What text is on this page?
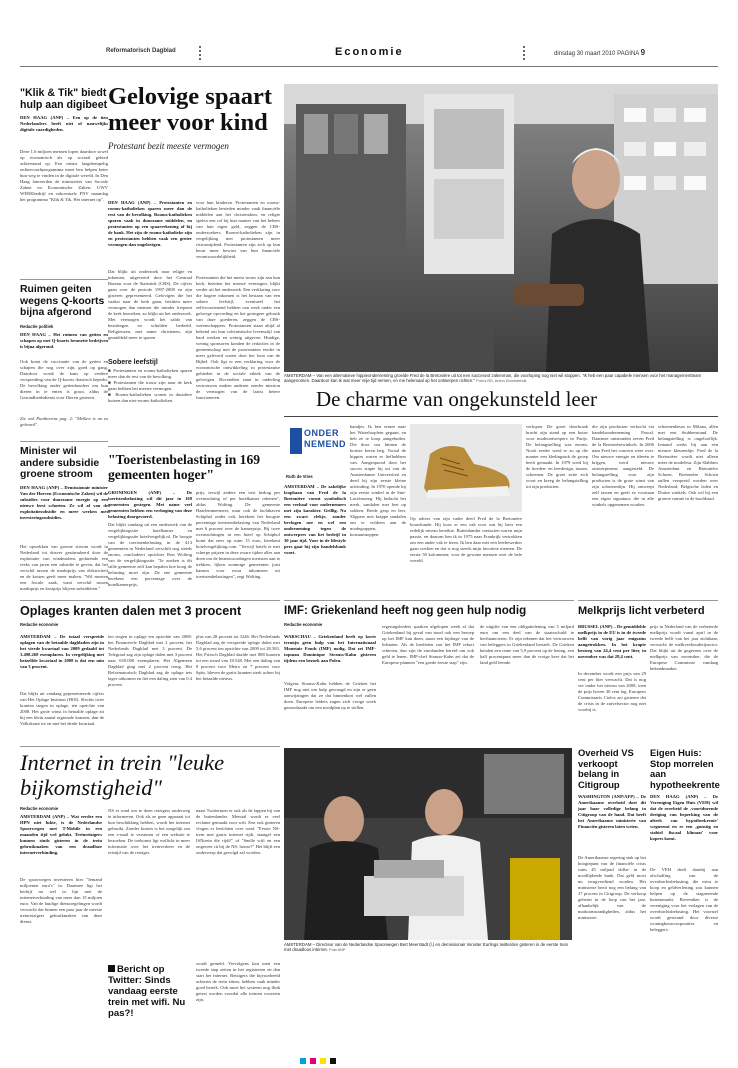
Reformatorisch Dagblad	Economie	dinsdag 30 maart 2010 PAGINA 9
"Klik & Tik" biedt hulp aan digibeet
DEN HAAG (ANP) – Een op de tien Nederlanders heeft niet of nauwelijks digitale vaardigheden.
Deze 1,6 miljoen mensen lopen daardoor sowel op economisch als op sociaal gebied achterstand op. Een nieuw laagdrempelig onlinecoachprogramma moet hen helpen beter hun weg te vinden in de digitale wereld. In Den Haag lanceerden de ministeries van Sociale Zaken en Economische Zaken, UWV WERKbedrijf en vakcentrale FNV maandag het programma "Klik & Tik. Het internet op".
Ruimen geiten wegens Q-koorts bijna afgerond
Redactie politiek
DEN HAAG – Het ruimen van geiten en schapen op met Q-koorts besmette bedrijven is bijna afgerond.
Ook komt de vaccinatie van de geiten en schapen die nog over zijn, goed op gang. Daardoor wordt de kans op verdere verspreiding van de Q-koorts drastisch beperkt. De bevolking onder geitenhouders om hun dieren in te enten is groot, aldus de Gezondheidsdienst voor Dieren gisteren.
Zie ook Punthoorns pag. 2: "Melken is na zo gebeurd".
Minister wil andere subsidie groene stroom
DEN HAAG (ANP) – Demissionair minister Van der Hoeven (Economische Zaken) wil de subsidies voor duurzame energie op een nieuwe leest schoeien. Ze wil af van de exploitatiesubsidie en meer werken met investeringssubsidies.
Het opwekken van groene stroom wordt in Nederland tot dusver gestimuleerd door de exploitatie van windmolens gedurende een reeks van jaren een subsidie te geven, dat het verschil tussen de marktprijs van elektriciteit en de kosten geeft meer maken. "Wil moeten een fiscale zaak, want verschil tussen marktprijs en kostprijs blijven subsidiëren."
Gelovige spaart meer voor kind
Protestant bezit meeste vermogen
DEN HAAG (ANP) – Protestanten en rooms-katholieken sparen meer dan de rest van de bevolking. Rooms-katholieken sparen vaak in duurzame middelen, en protestanten op een spaarrekening of bij de bank. Het zijn de rooms-katholieke zijn en protestanten hebben vaak een groter vermogen dan ongelovigen.
Dat blijkt uit onderzoek naar religie en inkomen, uitgevoerd door het Centraal Bureau voor de Statistiek (CBS). De cijfers gaan over de periode 1997-2008 en zijn gisteren gepresenteerd. Gelovigen die het vaakst naar de kerk gaan, bezitten meer vermogen dan mensen die minder frequent de kerk bezoeken, zo blijkt uit het onderzoek. Met vermogen wordt het saldo van bezittingen en schulden bedoeld. Religieuzen, met name christenen, zijn gemiddeld meer te sparen
Sobere leefstijl
■ Protestanten en rooms-katholieken sparen meer dan de rest van de bevolking.
■ Protestanten die trouw zijn naar de kerk gaan hebben het meeste vermogen.
■ Rooms-katholieken wonen in duurdere huizen dan niet-rooms-katholieken.
voor hun kinderen. Protestanten en rooms-katholieken besteden minder vaak financiële middelen aan het christendom, en religie spelen een rol bij hun manier van het beheer van hun eigen geld, zeggen de CBS-onderzoekers. Rooms-katholieken zijn in vergelijking met protestanten meer risicomijdend. Protestanten zijn zich op hun beurt meer bewust van hun financiële verantwoordelijkheid.
Protestanten die het meest trouw zijn aan hun kerk, bezitten het meeste vermogen, blijkt verder uit het onderzoek. Een verklaring voor die hogere inkomen is het bestaan van een sobere leefstijl, eventueel het zelfvoorzienend hebben van werk onder een gelovige opvoeding en het geringere gebruik van dure goederen, zeggen de CBS-wetenschappers. Protestanten staan altijd al bekend om hun calvinistische levensstijl van hard werken en weinig uitgeven. Huidige, weinig sponsoren konden de redacties in de gemeenschap met de protestanten eerder in meer geleverd waren door het loon van de Bijbel. Ook ligt er een verklaring voor de economische ontwikkeling in protestantse gebieden in de sociale ethiek van de gelovigen. Bovendien staat in onderling vertrouwen maken anderen zonder mission de vermogen van de laatst betere functioneren.
"Toeristenbelasting in 169 gemeenten hoger"
GRONINGEN (ANP) – De toeristenbelasting wil dit jaar in 169 gemeenten gestegen. Met name veel gemeenten hebben een verhoging van deze belasting doorgevoerd.
Dat blijkt vandaag uit een onderzoek van de vergelijkingssite hotelkamer en vergelijkingssite hotelvergelijk.nl. De hoogte van de toeristenbelasting in de 413 gemeenten in Nederland verschilt nog steeds enorm, concludeert oprichter Ron Wolting van de vergelijkingssite. "Je zoeken is dit stille gemeente zelf kan bepalen hoe hoog de belasting moet zijn. De ene gemeente berekent een percentage over de hotelkamerprijs,
prijs, terwijl andere een vast bedrag per overnachting of per hotelkamer rekenen", aldus Wolting. De gemeente Haarlemmermeer, waar ook de luchthaven Schiphol onder valt, berekent het hoogste percentage toeristenbelasting van Nederland met 6 procent over de kamerprijs. Bij twee overnachtingen in een hotel op Schiphol komt dat neer op ruim 15 euro, berekent hotelvergelijking.com. "Terwijl hotels er met scherpe prijzen in deze zware tijden alles aan doen om de beantwoordingen toeristen aan te trekken, lijken sommige gemeenten juist kansen voor extra inkomsten uit toeristenbelastingen", zegt Wolting.
AMSTERDAM – Van een alternatieve hippieonderneming groeide Fred de la Bretonière uit tot een succesvol zakenman, die voorloping nog niet wil stoppen. "Ik heb een paar capabele mensen voor het managementteam aangenomen. Daardoor kan ik wat meer vrije tijd nemen, en me helemaal op het ontwerpen richten." Foto's RD, Anton Dommerholt
De charme van ongekunsteld leer
ONDER
NEMEND
Ruth de Vries
AMSTERDAM – De zakelijke loopbaan van Fred de la Bretonière vormt symbolisch een verhaal voor ondernemers met zijn karakter. Grillig. Nu een zwart vlekje, zonder bevlogen nee en wel een onderneming tegen de ontwerpers van het bedrijf in 30 jaar tijd. Voor in de lifestyle pers gaat hij zijn handelsbank voort.
bandjes. Ik ben ermee naar het Waterlooplein gegaan, en heb ze te koop aangeboden. Die door sou binnen de kortste keren beg. Vooral de hippies waren er liefhebbers van. Aangespoord door het succes stapte hij uit van de Amsterdamse Universiteit en deed hij zijn eerste kleine uitvinding. In 1970 opende hij zijn eerste winkel in de Sint-Luciënsteeg. Hij bedacht het merk, sandalen met leer op sokken. Brede gesp en leer. Slippers met krappe sandalen om te voldoen aan de modegrappen, kostuumtoppen.
Op advies van zijn vader deed Fred de la Bretonière bouwkunde. Hij koos er een vak voor wat hij later een redelijk niveau bereikte. Buitenlandse contacten waren mijn passie, en daarom ben ik in 1975 naar Frankrijk vertrokken om een ander vak te leren. Ik ben daar met een leerbewerker gaan werken en dat is nog steeds mijn favoriete mensen. De eerste 50 kolommen; voor de gewone mensen over de hele wereld.
verlopen. De groei doorbraak bracht zijn stand op een bouw voor modeontwerpers in Parijs. De belangstelling was enorm. Nooit eerder werd er zo op die manier een kledingstuk de groep heeft gemaakt. In 1979 werd hij de hoeden- en leerdesign, tassen, schoenen. De groei zette zich voort en kreeg de belangstelling tot zijn producten.
die zijn producten verkocht via handelsonderneming Pascal. Daarmee ontstonden zeven Fred de la Bretonièrewinkels. In 2006 nam Fred het concern weer over. Om nieuwe energie en ideeën te krijgen, werd nieuwe ontwerpteams aangesteld. De belangstelling voor zijn producten is de grote winst van zijn schoenenlijn. Hij ontwerpt zelf tassen en geeft ze voortaan een eigen signatuur, die in alle winkels opgenomen worden.
schoenenbeurs in Milaan, allen met een Stubbenstand. De belangstelling is ongelooflijk. Iemand werkt bij aan een nieuwe kleurenlijn. Fred de la Bretonière wordt niet alleen meer de modeleur. Zijn Slabbies Amsterdam en Bretonière Schoen, Bretonière Schoen zullen verspreid worden over Nederland, Belgische laden en Duitse winkels. Ook wil hij een grotere ruimte in de hoofdstad.
Oplages kranten dalen met 3 procent
Redactie economie
AMSTERDAM – De totaal verspreide oplagen van de betaalde dagbladen zijn in het vierde kwartaal van 2009 gedaald tot 3.498.268 exemplaren. In vergelijking met hetzelfde kwartaal in 2008 is dat een min van 3 procent.
Dat blijkt uit vandaag gepresenteerde cijfers van Het Oplage Instituut (HOI). Slechts twee kranten stegen in oplage, ten opzichte van 2008. Het grote winst in betaalde oplage zit bij een klein aantal regionale kranten, dan de Volkskrant tot en met het derde kwartaal.
ten stegen in oplage ten opzichte van 2008: het Financieele Dagblad met 2 procent, het Nederlands Dagblad met 3 procent. De Telegraaf zag zijn oplage dalen met 3 procent naar 650.000 exemplaren. Het Algemeen Dagblad ging met 2 procent terug. Het Reformatorisch Dagblad zag de oplage iets lager uitkomen en liet een daling zien van 0,4 procent.
plus van 28 procent tot 3246. Het Nederlands Dagblad zag de verspreide oplage dalen met 5,6 procent ten opzichte van 2008 tot 28.583. Het Friesch Dagblad daalde met 888 kranten tot een totaal van 18.548. Met een daling van 8 procent voor Metro en 7 procent voor Spits, bleven de gratis kranten sterk achter bij het betaalde nieuws.
IMF: Griekenland heeft nog geen hulp nodig
Redactie economie
WARSCHAU – Griekenland heeft op korte termijn geen hulp van het Internationaal Monetair Fonds (IMF) nodig. Dat zei IMF-topman Dominique Strauss-Kahn gisteren tijdens een bezoek aan Polen.
Volgens Strauss-Kahn hebben de Grieken het IMF nog niet om hulp gevraagd en zijn er geen aanwijzingen dat ze dat binnenkort wel zullen doen. Europese leiders zagen zich vorige week genoodzaakt om een noodplan op te stellen.
regeringsleiders spraken afgelopen week af dat Griekenland bij geval van nood ook een beroep op het IMF kan doen, naast een bijdrage van de lidstaten. Als de kredieten van het IMF tekort schieten, dan zijn de eurolanden bereid om ook geld te lenen. IMF-chef Strauss-Kahn zei dat de Europese plannen "een goede eerste stap" zijn.
de uitgifte van een obligatielening van 5 miljard euro om een deel van de staatsschuld te herfinancieren. Er zijn tekenen dat het vertrouwen van beleggers in Griekenland herstelt. De Grieken betalen een rente van 5,9 procent op de lening, een half procentpunt meer dan de vorige keer dat het land geld leende.
Melkprijs licht verbeterd
BRUSSEL (ANP) – De gemiddelde melkprijs in de EU is in de tweede helft van vorig jaar enigszins aangetrokken. In het krapte besteeg van 24,4 cent per liter, in november was dat 28,4 cent.
In december wordt een prijs van 29 cent per liter verwacht. Dat is nog ver onder het niveau van 2008, toen de prijs boven 30 cent lag. Europees Commissaris Ciolos zei gisteren dat de crisis in de zuivelsector nog niet voorbij is.
prijs in Nederland van de verbeterde melkprijs wordt vanaf april in de tweede helft van het jaar zichtbaar, verwacht de melkveehouderijsector. Dat blijkt uit de gegevens over de melkprijs van november, die de Europese Commissie vandaag bekendmaakte.
Internet in trein "leuke bijkomstigheid"
Redactie economie
AMSTERDAM (ANP) – Wat eerder een HPN niet lukte, is de Nederlandse Spoorwegen met T-Mobile in een maanden tijd wel gelukt. Treinreizigers kunnen sinds gisteren in de trein gebruikmaken van een draadloze internetverbinding.
De spoorwegen investeren hier "Iemand miljoenen euro's" in. Daarmee ligt het bedrijf nu wel in lijn met de internetverbinding van meer dan 15 miljoen euro. Van de huidige dienstregelingen wordt verwacht dat binnen een paar jaar de meeste treinreizigers gebruikmaken van deze dienst.
NS er rond om te doen reizigers onderweg te informeren. Ook als ze geen apparaat tot hun beschikking hebben, wordt het internet gebruikt. Zonder kosten is het mogelijk om een e-mail te versturen of een website te bezoeken. De toekomst ligt wellicht in meer informatie over het treinverkeer en de reistijd van de reiziger.
Bericht op Twitter: Sinds vandaag eerste trein met wifi. Nu pas?!
naast Twittermen er ook als de lappen bij van de buitenlander. Meestal wordt er veel reclame gemaakt voor wifi. Een ook ginteren vlogen er berichten over rond. "Eerste NS-trein met gratis internet rijdt, staatgaf een ISNtrein die rijdt!" of "Snelle wifi en een ongeveer rit bij de NS: hoezo?" Het blijft een onderwerp dat gevolgd zal worden.
wordt gemeld. Vervolgens kan men een tweede stap zetten in het registreren en dan start het internet. Reizigers die bijvoorbeeld achterin de trein zitten, hebben vaak minder goed bereik. Ook moet het systeem nog flink getest worden voordat alle treinen voorzien zijn.
AMSTERDAM – Directeur van de Nederlandse Spoorwegen Bert Meerstadt (l.) en demissionair minister Eurlings twitterden gisteren in de eerste trein met draadloos internet. Foto ANP
Overheid VS verkoopt belang in Citigroup
WASHINGTON (ANP/AFP) – De Amerikaanse overheid doet dit jaar haar volledige belang in Citigroup van de hand. Dat heeft het Amerikaanse ministerie van Financiën gisteren laten weten.
De Amerikaanse regering stak op het hoogtepunt van de financiële crisis ruim 45 miljard dollar in de noodlijdende bank. Dat geld moet nu terugverdiend worden. Het ministerie bezit nog een belang van 27 procent in Citigroup. De verkoop gebeurt in de loop van het jaar, afhankelijk van de marktomstandigheden, aldus het ministerie.
Eigen Huis: Stop morrelen aan hypotheekrente
DEN HAAG (ANP) – De Vereniging Eigen Huis (VEH) wil dat de overheid de ‚voortdurende dreiging van beperking van de aftrek van hypotheekrente' wegneemt en er een ‚gunstig en stabiel fiscaal klimaat' voor kopers komt.
De VEH deelt daarbij aan afschaffing van de overdrachtsbelasting, die extra te koop en geldverlening zou kunnen helpen op de stagnerende huizenmarkt. Bovendien is de vereniging voor het verlagen van de overdrachtsbelasting. Het voorstel wordt gesteund door diverse woningbouwcorporaties en beleggers.
